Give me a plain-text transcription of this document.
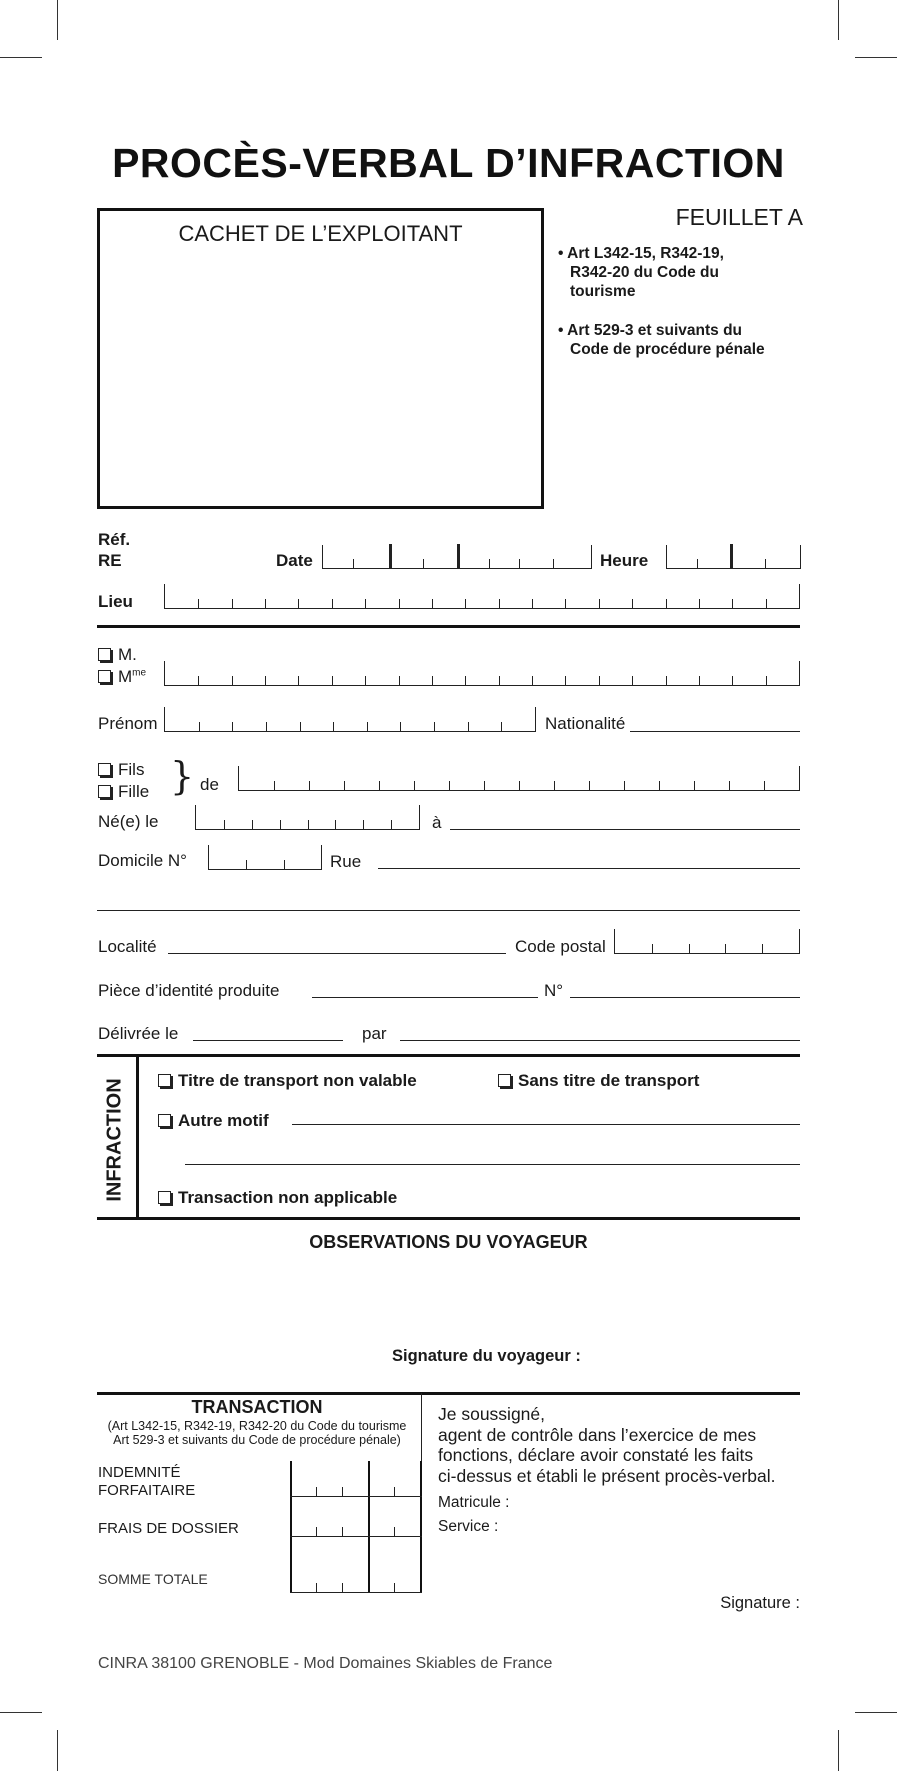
PROCÈS-VERBAL D’INFRACTION
CACHET DE L’EXPLOITANT
FEUILLET A
• Art L342-15, R342-19,
R342-20 du Code du
tourisme
• Art 529-3 et suivants du
Code de procédure pénale
Réf.
RE	Date	Heure
Lieu
M.
$M^{me}$
Prénom	Nationalité
Fils
Fille } de
Né(e) le	à
Domicile N°	Rue
Localité	Code postal
Pièce d’identité produite	N°
Délivrée le	par
INFRACTION	Titre de transport non valable	Sans titre de transport
Autre motif
Transaction non applicable
OBSERVATIONS DU VOYAGEUR
Signature du voyageur :
TRANSACTION
(Art L342-15, R342-19, R342-20 du Code du tourisme
Art 529-3 et suivants du Code de procédure pénale)
INDEMNITÉ
FORFAITAIRE
FRAIS DE DOSSIER
SOMME TOTALE
Je soussigné,
agent de contrôle dans l’exercice de mes
fonctions, déclare avoir constaté les faits
ci-dessus et établi le présent procès-verbal.
Matricule :
Service :
Signature :
CINRA 38100 GRENOBLE - Mod Domaines Skiables de France
